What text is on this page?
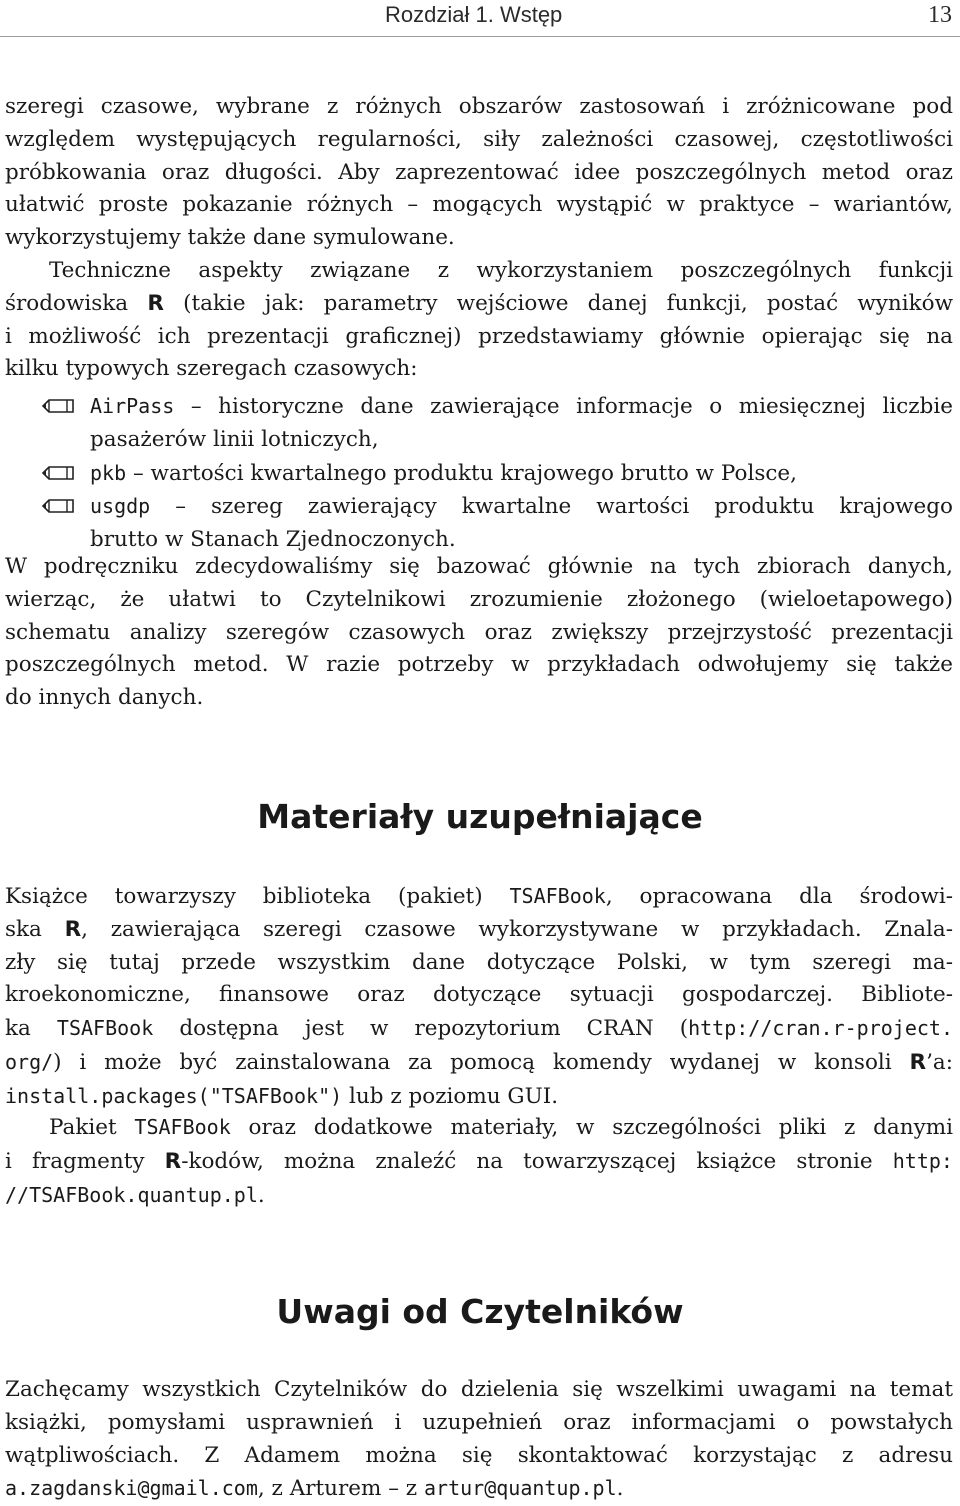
Rozdział 1. Wstęp	13
szeregi czasowe, wybrane z różnych obszarów zastosowań i zróżnicowane pod
względem występujących regularności, siły zależności czasowej, częstotliwości
próbkowania oraz długości. Aby zaprezentować idee poszczególnych metod oraz
ułatwić proste pokazanie różnych – mogących wystąpić w praktyce – wariantów,
wykorzystujemy także dane symulowane.
Techniczne aspekty związane z wykorzystaniem poszczególnych funkcji
środowiska R (takie jak: parametry wejściowe danej funkcji, postać wyników
i możliwość ich prezentacji graficznej) przedstawiamy głównie opierając się na
kilku typowych szeregach czasowych:

AirPass – historyczne dane zawierające informacje o miesięcznej liczbie

pasażerów linii lotniczych,

pkb – wartości kwartalnego produktu krajowego brutto w Polsce,

usgdp – szereg zawierający kwartalne wartości produktu krajowego

brutto w Stanach Zjednoczonych.

W podręczniku zdecydowaliśmy się bazować głównie na tych zbiorach danych,
wierząc, że ułatwi to Czytelnikowi zrozumienie złożonego (wieloetapowego)
schematu analizy szeregów czasowych oraz zwiększy przejrzystość prezentacji
poszczególnych metod. W razie potrzeby w przykładach odwołujemy się także
do innych danych.
Materiały uzupełniające
Książce towarzyszy biblioteka (pakiet) TSAFBook, opracowana dla środowi-
ska R, zawierająca szeregi czasowe wykorzystywane w przykładach. Znala-
zły się tutaj przede wszystkim dane dotyczące Polski, w tym szeregi ma-
kroekonomiczne, finansowe oraz dotyczące sytuacji gospodarczej. Bibliote-
ka TSAFBook dostępna jest w repozytorium CRAN (http://cran.r-project.
org/) i może być zainstalowana za pomocą komendy wydanej w konsoli R’a:
install.packages("TSAFBook") lub z poziomu GUI.
Pakiet TSAFBook oraz dodatkowe materiały, w szczególności pliki z danymi
i fragmenty R-kodów, można znaleźć na towarzyszącej książce stronie http:
//TSAFBook.quantup.pl.
Uwagi od Czytelników
Zachęcamy wszystkich Czytelników do dzielenia się wszelkimi uwagami na temat
książki, pomysłami usprawnień i uzupełnień oraz informacjami o powstałych
wątpliwościach. Z Adamem można się skontaktować korzystając z adresu
a.zagdanski@gmail.com, z Arturem – z artur@quantup.pl.
